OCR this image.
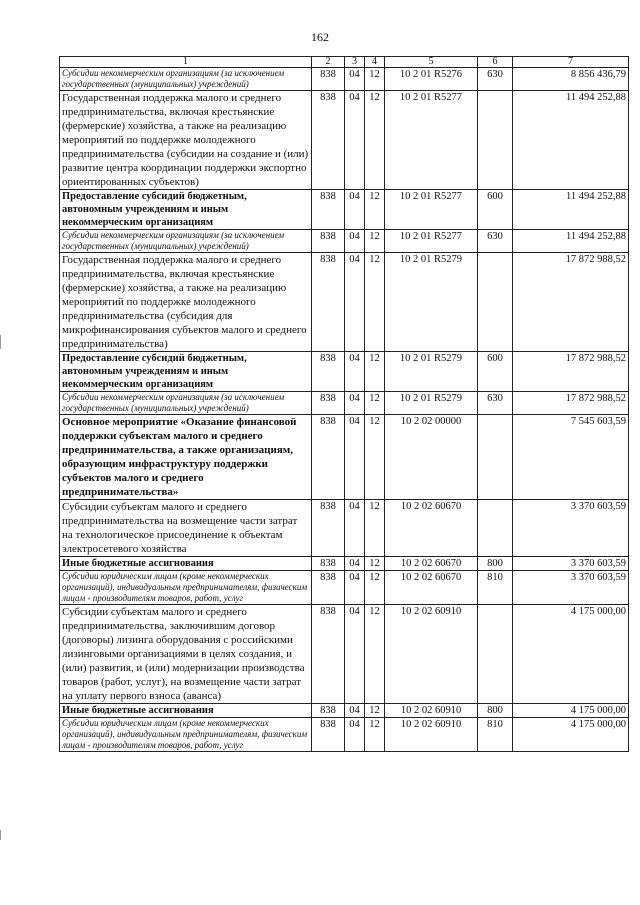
162
1	2	3	4	5	6	7
Субсидии некоммерческим организациям (за исключением государственных (муниципальных) учреждений)	838	04	12	10 2 01 R5276	630	8 856 436,79
Государственная поддержка малого и среднего предпринимательства, включая крестьянские (фермерские) хозяйства, а также на реализацию мероприятий по поддержке молодежного предпринимательства (субсидии на создание и (или) развитие центра координации поддержки экспортно ориентированных субъектов)	838	04	12	10 2 01 R5277		11 494 252,88
Предоставление субсидий бюджетным, автономным учреждениям и иным некоммерческим организациям	838	04	12	10 2 01 R5277	600	11 494 252,88
Субсидии некоммерческим организациям (за исключением государственных (муниципальных) учреждений)	838	04	12	10 2 01 R5277	630	11 494 252,88
Государственная поддержка малого и среднего предпринимательства, включая крестьянские (фермерские) хозяйства, а также на реализацию мероприятий по поддержке молодежного предпринимательства (субсидия для микрофинансирования субъектов малого и среднего предпринимательства)	838	04	12	10 2 01 R5279		17 872 988,52
Предоставление субсидий бюджетным, автономным учреждениям и иным некоммерческим организациям	838	04	12	10 2 01 R5279	600	17 872 988,52
Субсидии некоммерческим организациям (за исключением государственных (муниципальных) учреждений)	838	04	12	10 2 01 R5279	630	17 872 988,52
Основное мероприятие «Оказание финансовой поддержки субъектам малого и среднего предпринимательства, а также организациям, образующим инфраструктуру поддержки субъектов малого и среднего предпринимательства»	838	04	12	10 2 02 00000		7 545 603,59
Субсидии субъектам малого и среднего предпринимательства на возмещение части затрат на технологическое присоединение к объектам электросетевого хозяйства	838	04	12	10 2 02 60670		3 370 603,59
Иные бюджетные ассигнования	838	04	12	10 2 02 60670	800	3 370 603,59
Субсидии юридическим лицам (кроме некоммерческих организаций), индивидуальным предпринимателям, физическим лицам - производителям товаров, работ, услуг	838	04	12	10 2 02 60670	810	3 370 603,59
Субсидии субъектам малого и среднего предпринимательства, заключившим договор (договоры) лизинга оборудования с российскими лизинговыми организациями в целях создания, и (или) развития, и (или) модернизации производства товаров (работ, услуг), на возмещение части затрат на уплату первого взноса (аванса)	838	04	12	10 2 02 60910		4 175 000,00
Иные бюджетные ассигнования	838	04	12	10 2 02 60910	800	4 175 000,00
Субсидии юридическим лицам (кроме некоммерческих организаций), индивидуальным предпринимателям, физическим лицам - производителям товаров, работ, услуг	838	04	12	10 2 02 60910	810	4 175 000,00
